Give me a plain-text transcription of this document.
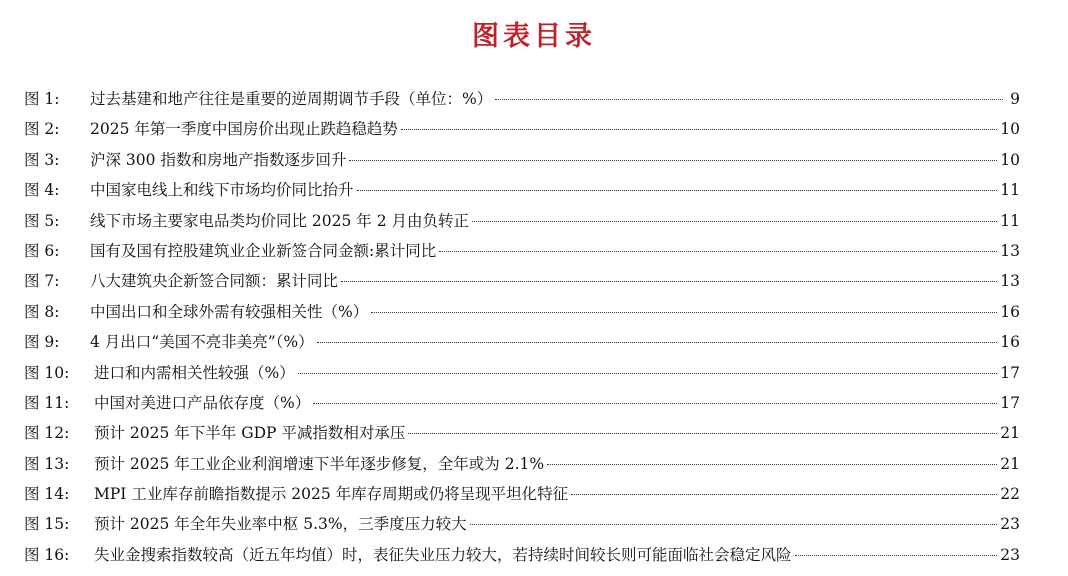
图表目录
图 1:	过去基建和地产往往是重要的逆周期调节手段（单位：%）	9
图 2:	2025 年第一季度中国房价出现止跌趋稳趋势	10
图 3:	沪深 300 指数和房地产指数逐步回升	10
图 4:	中国家电线上和线下市场均价同比抬升	11
图 5:	线下市场主要家电品类均价同比 2025 年 2 月由负转正	11
图 6:	国有及国有控股建筑业企业新签合同金额:累计同比	13
图 7:	八大建筑央企新签合同额：累计同比	13
图 8:	中国出口和全球外需有较强相关性（%）	16
图 9:	4 月出口“美国不亮非美亮”（%）	16
图 10:	进口和内需相关性较强（%）	17
图 11:	中国对美进口产品依存度（%）	17
图 12:	预计 2025 年下半年 GDP 平减指数相对承压	21
图 13:	预计 2025 年工业企业利润增速下半年逐步修复，全年或为 2.1%	21
图 14:	MPI 工业库存前瞻指数提示 2025 年库存周期或仍将呈现平坦化特征	22
图 15:	预计 2025 年全年失业率中枢 5.3%，三季度压力较大	23
图 16:	失业金搜索指数较高（近五年均值）时，表征失业压力较大，若持续时间较长则可能面临社会稳定风险	23
